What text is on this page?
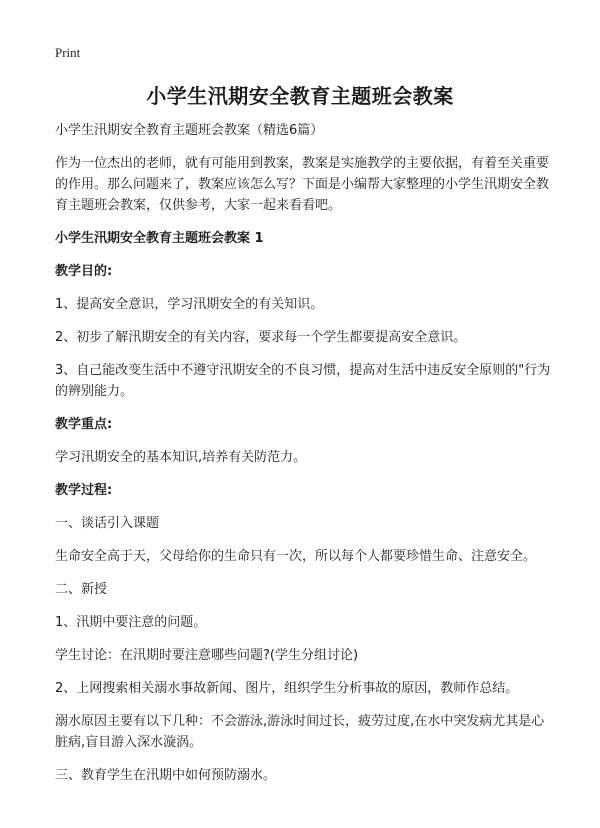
Print
小学生汛期安全教育主题班会教案

小学生汛期安全教育主题班会教案（精选6篇）

作为一位杰出的老师，就有可能用到教案，教案是实施教学的主要依据，有着至关重要的作用。那么问题来了，教案应该怎么写？下面是小编帮大家整理的小学生汛期安全教育主题班会教案，仅供参考，大家一起来看看吧。

小学生汛期安全教育主题班会教案 1

教学目的:

1、提高安全意识，学习汛期安全的有关知识。

2、初步了解汛期安全的有关内容，要求每一个学生都要提高安全意识。

3、自己能改变生活中不遵守汛期安全的不良习惯，提高对生活中违反安全原则的"行为的辨别能力。

教学重点:

学习汛期安全的基本知识,培养有关防范力。

教学过程:

一、谈话引入课题

生命安全高于天，父母给你的生命只有一次，所以每个人都要珍惜生命、注意安全。

二、新授

1、汛期中要注意的问题。

学生讨论：在汛期时要注意哪些问题?(学生分组讨论)

2、上网搜索相关溺水事故新闻、图片，组织学生分析事故的原因，教师作总结。

溺水原因主要有以下几种：不会游泳,游泳时间过长，疲劳过度,在水中突发病尤其是心脏病,盲目游入深水漩涡。

三、教育学生在汛期中如何预防溺水。
